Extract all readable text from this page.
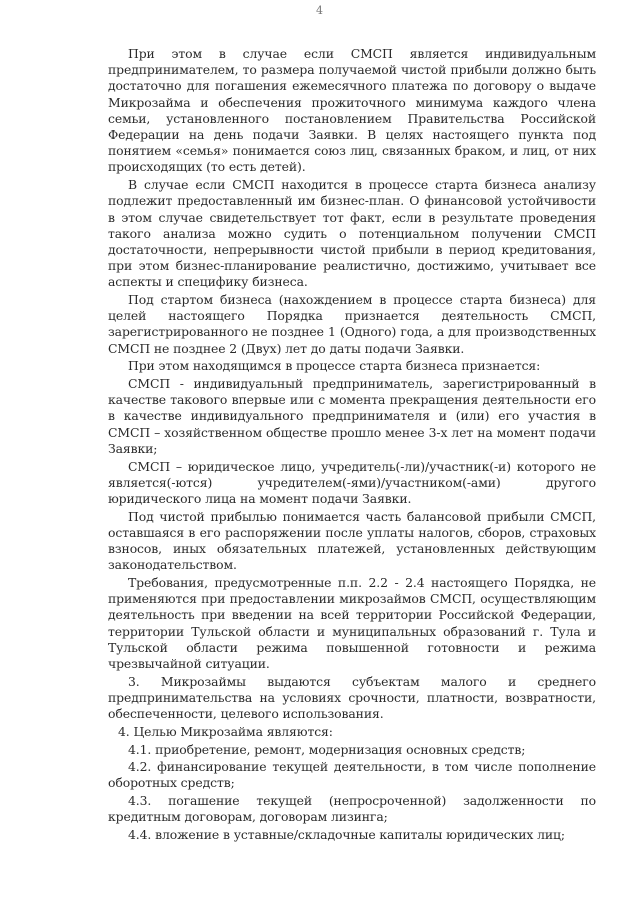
4

При этом в случае если СМСП является индивидуальным предпринимателем, то размера получаемой чистой прибыли должно быть достаточно для погашения ежемесячного платежа по договору о выдаче Микрозайма и обеспечения прожиточного минимума каждого члена семьи, установленного постановлением Правительства Российской Федерации на день подачи Заявки. В целях настоящего пункта под понятием «семья» понимается союз лиц, связанных браком, и лиц, от них происходящих (то есть детей).

В случае если СМСП находится в процессе старта бизнеса анализу подлежит предоставленный им бизнес-план. О финансовой устойчивости в этом случае свидетельствует тот факт, если в результате проведения такого анализа можно судить о потенциальном получении СМСП достаточности, непрерывности чистой прибыли в период кредитования, при этом бизнес-планирование реалистично, достижимо, учитывает все аспекты и специфику бизнеса.

Под стартом бизнеса (нахождением в процессе старта бизнеса) для целей настоящего Порядка признается деятельность СМСП, зарегистрированного не позднее 1 (Одного) года, а для производственных СМСП не позднее 2 (Двух) лет до даты подачи Заявки.

При этом находящимся в процессе старта бизнеса признается:

СМСП - индивидуальный предприниматель, зарегистрированный в качестве такового впервые или с момента прекращения деятельности его в качестве индивидуального предпринимателя и (или) его участия в СМСП – хозяйственном обществе прошло менее 3-х лет на момент подачи Заявки;

СМСП – юридическое лицо, учредитель(-ли)/участник(-и) которого не является(-ются) учредителем(-ями)/участником(-ами) другого юридического лица на момент подачи Заявки.

Под чистой прибылью понимается часть балансовой прибыли СМСП, оставшаяся в его распоряжении после уплаты налогов, сборов, страховых взносов, иных обязательных платежей, установленных действующим законодательством.

Требования, предусмотренные п.п. 2.2 - 2.4 настоящего Порядка, не применяются при предоставлении микрозаймов СМСП, осуществляющим деятельность при введении на всей территории Российской Федерации, территории Тульской области и муниципальных образований г. Тула и Тульской области режима повышенной готовности и режима чрезвычайной ситуации.

3. Микрозаймы выдаются субъектам малого и среднего предпринимательства на условиях срочности, платности, возвратности, обеспеченности, целевого использования.

4. Целью Микрозайма являются:

4.1. приобретение, ремонт, модернизация основных средств;

4.2. финансирование текущей деятельности, в том числе пополнение оборотных средств;

4.3. погашение текущей (непросроченной) задолженности по кредитным договорам, договорам лизинга;

4.4. вложение в уставные/складочные капиталы юридических лиц;
